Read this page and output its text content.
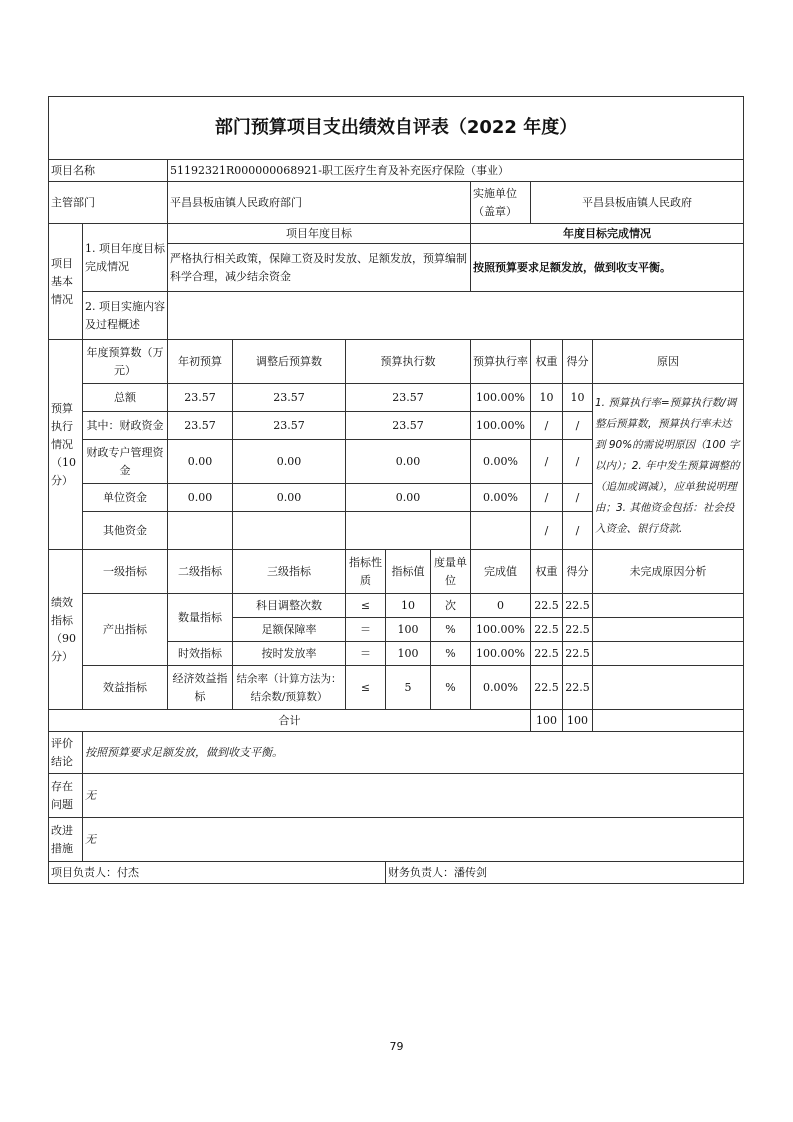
部门预算项目支出绩效自评表（2022 年度）										
项目名称		51192321R000000068921-职工医疗生育及补充医疗保险（事业）								
主管部门		平昌县板庙镇人民政府部门					实施单位（盖章）	平昌县板庙镇人民政府		
项目基本情况	1. 项目年度目标完成情况	项目年度目标					年度目标完成情况			
		严格执行相关政策，保障工资及时发放、足额发放，预算编制科学合理，减少结余资金					按照预算要求足额发放，做到收支平衡。			
	2. 项目实施内容及过程概述									
预算执行情况（10分）	年度预算数（万元）	年初预算	调整后预算数	预算执行数			预算执行率	权重	得分	原因
	总额	23.57	23.57	23.57			100.00%	10	10	1. 预算执行率=预算执行数/调整后预算数，预算执行率未达到 90%的需说明原因（100 字以内）；2. 年中发生预算调整的（追加或调减），应单独说明理由；3. 其他资金包括：社会投入资金、银行贷款.
	其中：财政资金	23.57	23.57	23.57			100.00%	/	/	
	财政专户管理资金	0.00	0.00	0.00			0.00%	/	/	
	单位资金	0.00	0.00	0.00			0.00%	/	/	
	其他资金							/	/	
绩效指标（90分）	一级指标	二级指标	三级指标	指标性质	指标值	度量单位	完成值	权重	得分	未完成原因分析
	产出指标	数量指标	科目调整次数	≤	10	次	0	22.5	22.5	
			足额保障率	＝	100	%	100.00%	22.5	22.5	
		时效指标	按时发放率	＝	100	%	100.00%	22.5	22.5	
	效益指标	经济效益指标	结余率（计算方法为：结余数/预算数）	≤	5	%	0.00%	22.5	22.5	
合计								100	100	
评价结论	按照预算要求足额发放，做到收支平衡。									
存在问题	无									
改进措施	无									
项目负责人：付杰					财务负责人：潘传剑					
79
